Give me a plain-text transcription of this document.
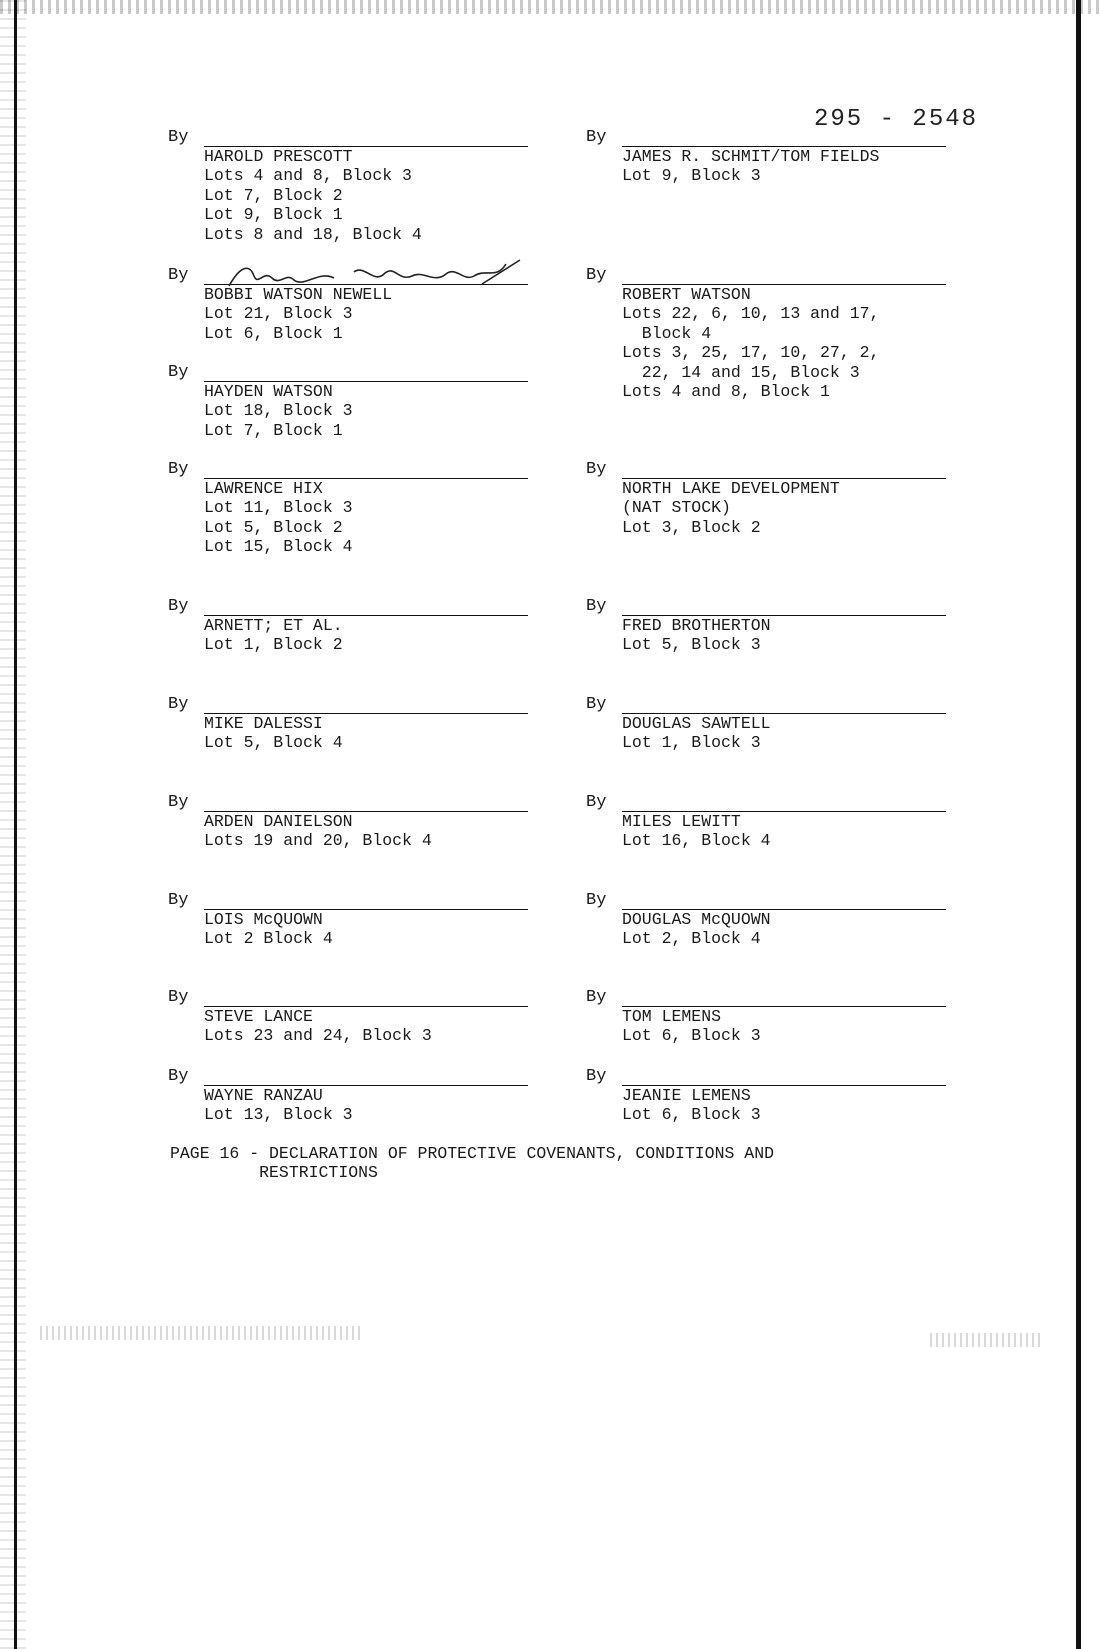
295 - 2548
By
HAROLD PRESCOTT
Lots 4 and 8, Block 3
Lot 7, Block 2
Lot 9, Block 1
Lots 8 and 18, Block 4
By
BOBBI WATSON NEWELL
Lot 21, Block 3
Lot 6, Block 1
By
HAYDEN WATSON
Lot 18, Block 3
Lot 7, Block 1
By
LAWRENCE HIX
Lot 11, Block 3
Lot 5, Block 2
Lot 15, Block 4
By
ARNETT; ET AL.
Lot 1, Block 2
By
MIKE DALESSI
Lot 5, Block 4
By
ARDEN DANIELSON
Lots 19 and 20, Block 4
By
LOIS McQUOWN
Lot 2 Block 4
By
STEVE LANCE
Lots 23 and 24, Block 3
By
WAYNE RANZAU
Lot 13, Block 3
By
JAMES R. SCHMIT/TOM FIELDS
Lot 9, Block 3
By
ROBERT WATSON
Lots 22, 6, 10, 13 and 17,
Block 4
Lots 3, 25, 17, 10, 27, 2,
22, 14 and 15, Block 3
Lots 4 and 8, Block 1
By
NORTH LAKE DEVELOPMENT
(NAT STOCK)
Lot 3, Block 2
By
FRED BROTHERTON
Lot 5, Block 3
By
DOUGLAS SAWTELL
Lot 1, Block 3
By
MILES LEWITT
Lot 16, Block 4
By
DOUGLAS McQUOWN
Lot 2, Block 4
By
TOM LEMENS
Lot 6, Block 3
By
JEANIE LEMENS
Lot 6, Block 3
PAGE 16 - DECLARATION OF PROTECTIVE COVENANTS, CONDITIONS AND
RESTRICTIONS
